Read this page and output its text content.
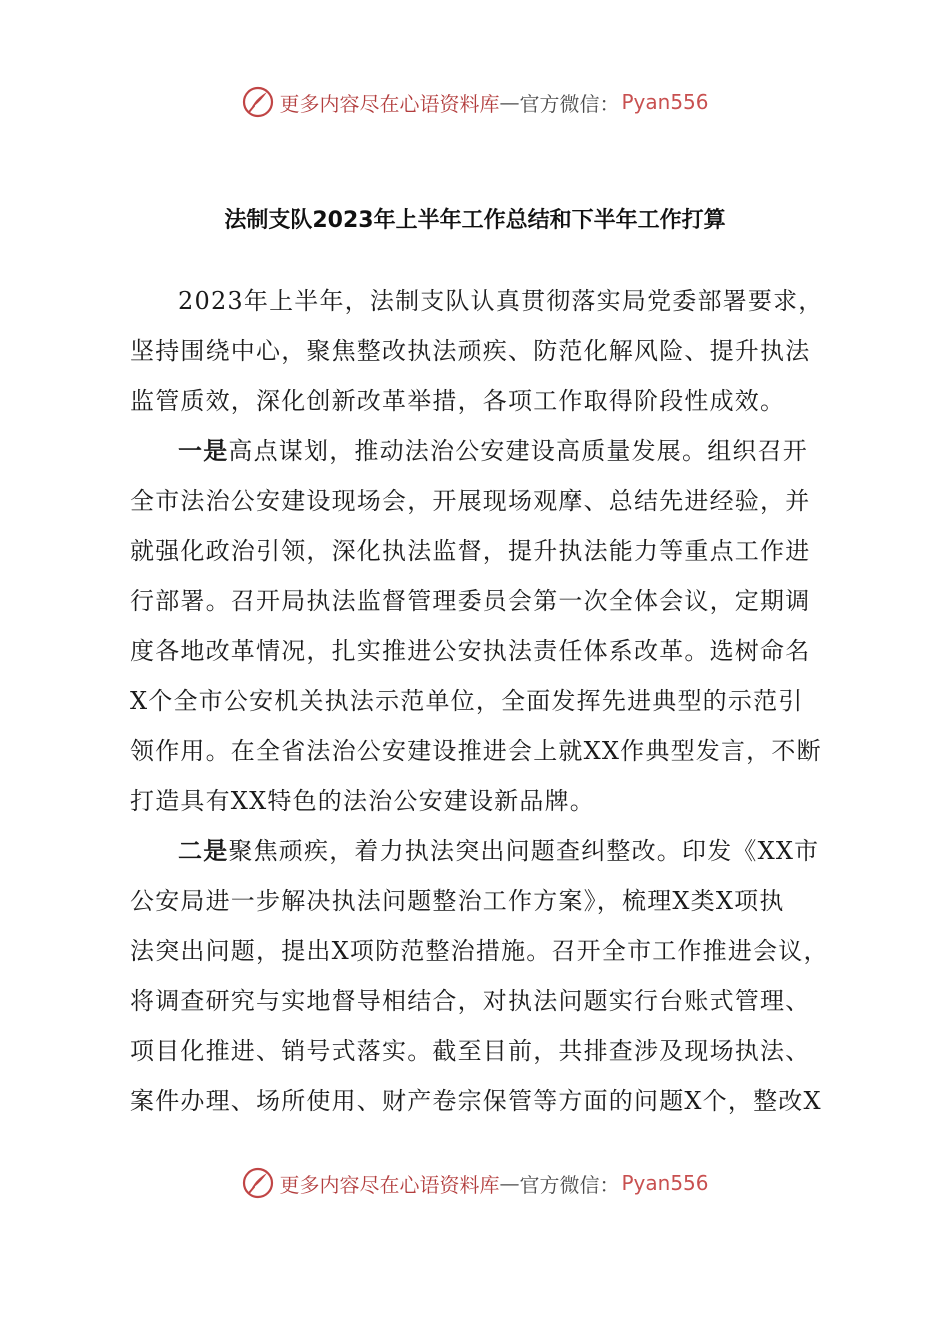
更多内容尽在心语资料库 — 官方微信： Pyan556
法制支队2023年上半年工作总结和下半年工作打算
2023年上半年，法制支队认真贯彻落实局党委部署要求，
坚持围绕中心，聚焦整改执法顽疾、防范化解风险、提升执法
监管质效，深化创新改革举措，各项工作取得阶段性成效。
一是高点谋划，推动法治公安建设高质量发展。组织召开
全市法治公安建设现场会，开展现场观摩、总结先进经验，并
就强化政治引领，深化执法监督，提升执法能力等重点工作进
行部署。召开局执法监督管理委员会第一次全体会议，定期调
度各地改革情况，扎实推进公安执法责任体系改革。选树命名
X个全市公安机关执法示范单位，全面发挥先进典型的示范引
领作用。在全省法治公安建设推进会上就XX作典型发言，不断
打造具有XX特色的法治公安建设新品牌。
二是聚焦顽疾，着力执法突出问题查纠整改。印发《XX市
公安局进一步解决执法问题整治工作方案》，梳理X类X项执
法突出问题，提出X项防范整治措施。召开全市工作推进会议，
将调查研究与实地督导相结合，对执法问题实行台账式管理、
项目化推进、销号式落实。截至目前，共排查涉及现场执法、
案件办理、场所使用、财产卷宗保管等方面的问题X个，整改X
更多内容尽在心语资料库 — 官方微信： Pyan556
